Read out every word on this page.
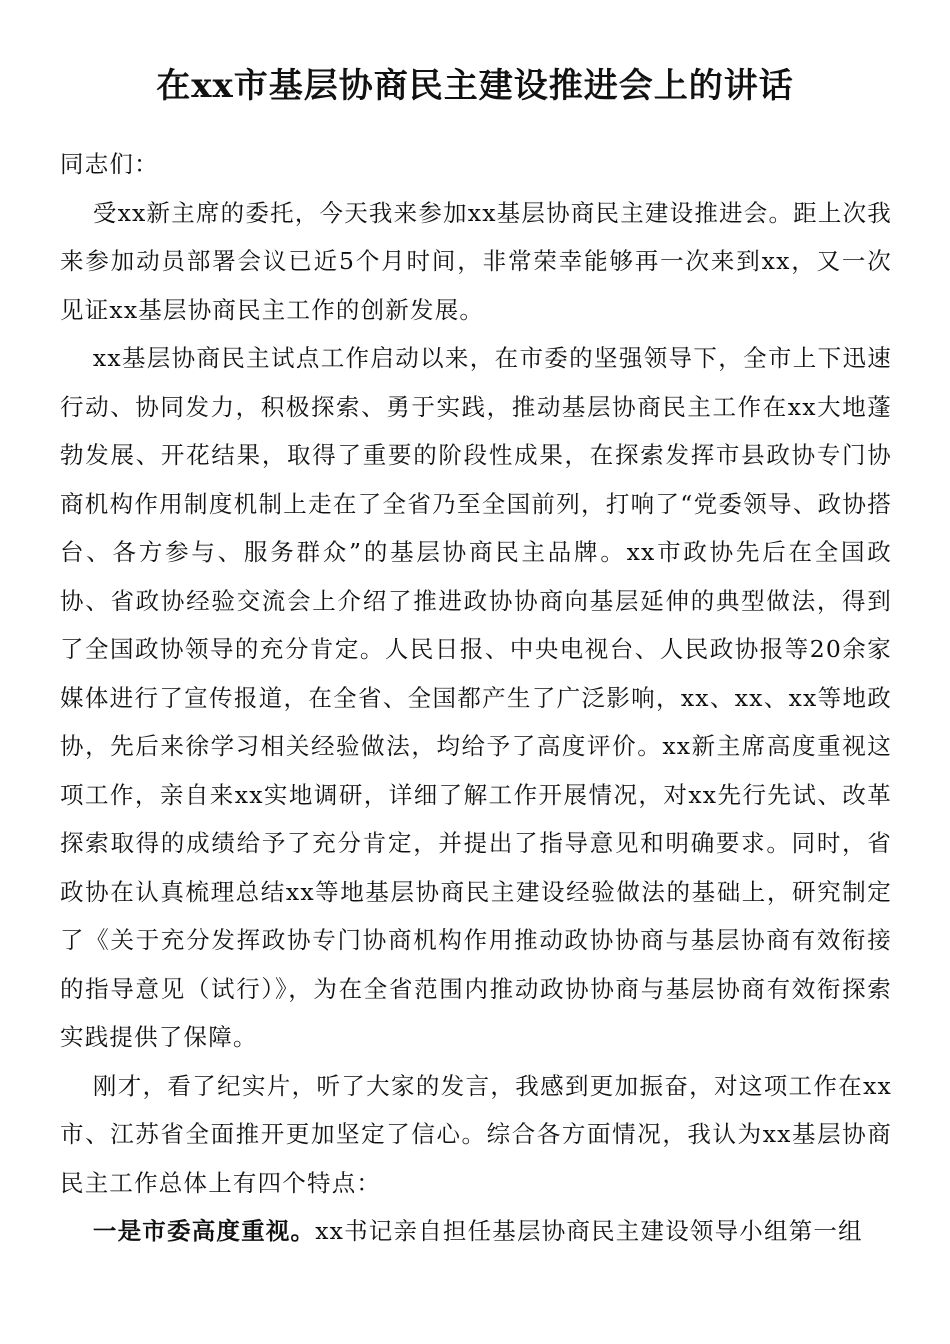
在xx市基层协商民主建设推进会上的讲话

同志们：

受xx新主席的委托，今天我来参加xx基层协商民主建设推进会。距上次我来参加动员部署会议已近5个月时间，非常荣幸能够再一次来到xx，又一次见证xx基层协商民主工作的创新发展。

xx基层协商民主试点工作启动以来，在市委的坚强领导下，全市上下迅速行动、协同发力，积极探索、勇于实践，推动基层协商民主工作在xx大地蓬勃发展、开花结果，取得了重要的阶段性成果，在探索发挥市县政协专门协商机构作用制度机制上走在了全省乃至全国前列，打响了“党委领导、政协搭台、各方参与、服务群众”的基层协商民主品牌。xx市政协先后在全国政协、省政协经验交流会上介绍了推进政协协商向基层延伸的典型做法，得到了全国政协领导的充分肯定。人民日报、中央电视台、人民政协报等20余家媒体进行了宣传报道，在全省、全国都产生了广泛影响，xx、xx、xx等地政协，先后来徐学习相关经验做法，均给予了高度评价。xx新主席高度重视这项工作，亲自来xx实地调研，详细了解工作开展情况，对xx先行先试、改革探索取得的成绩给予了充分肯定，并提出了指导意见和明确要求。同时，省政协在认真梳理总结xx等地基层协商民主建设经验做法的基础上，研究制定了《关于充分发挥政协专门协商机构作用推动政协协商与基层协商有效衔接的指导意见（试行）》，为在全省范围内推动政协协商与基层协商有效衔探索实践提供了保障。

刚才，看了纪实片，听了大家的发言，我感到更加振奋，对这项工作在xx市、江苏省全面推开更加坚定了信心。综合各方面情况，我认为xx基层协商民主工作总体上有四个特点：

一是市委高度重视。xx书记亲自担任基层协商民主建设领导小组第一组
